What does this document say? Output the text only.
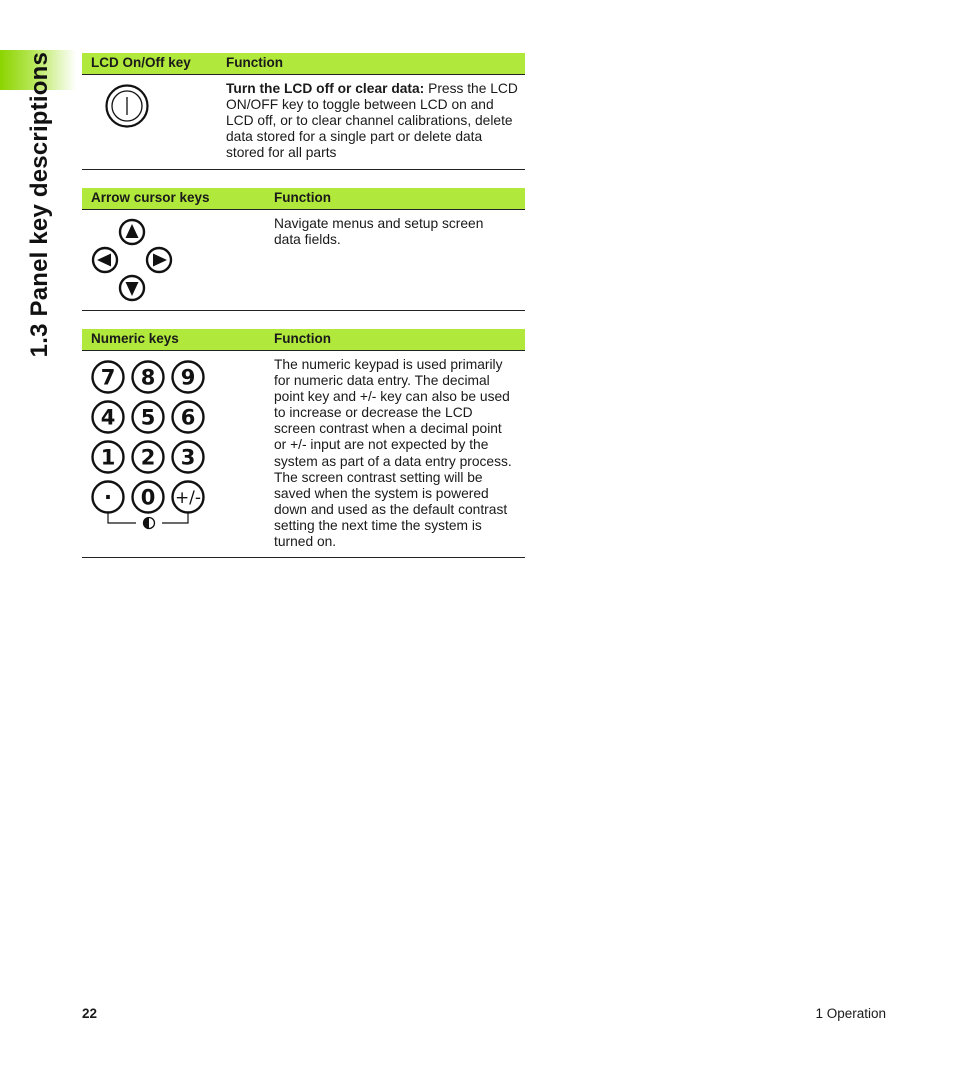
1.3 Panel key descriptions	LCD On/Off key	Function
Turn the LCD off or clear data: Press the LCD ON/OFF key to toggle between LCD on and LCD off, or to clear channel calibrations, delete data stored for a single part or delete data stored for all parts
Arrow cursor keys	Function
Navigate menus and setup screen data fields.
Numeric keys	Function
7 8 9
4 5 6
1 2 3
· 0 +/-
The numeric keypad is used primarily for numeric data entry. The decimal point key and +/- key can also be used to increase or decrease the LCD screen contrast when a decimal point or +/- input are not expected by the system as part of a data entry process. The screen contrast setting will be saved when the system is powered down and used as the default contrast setting the next time the system is turned on.
22	1 Operation
